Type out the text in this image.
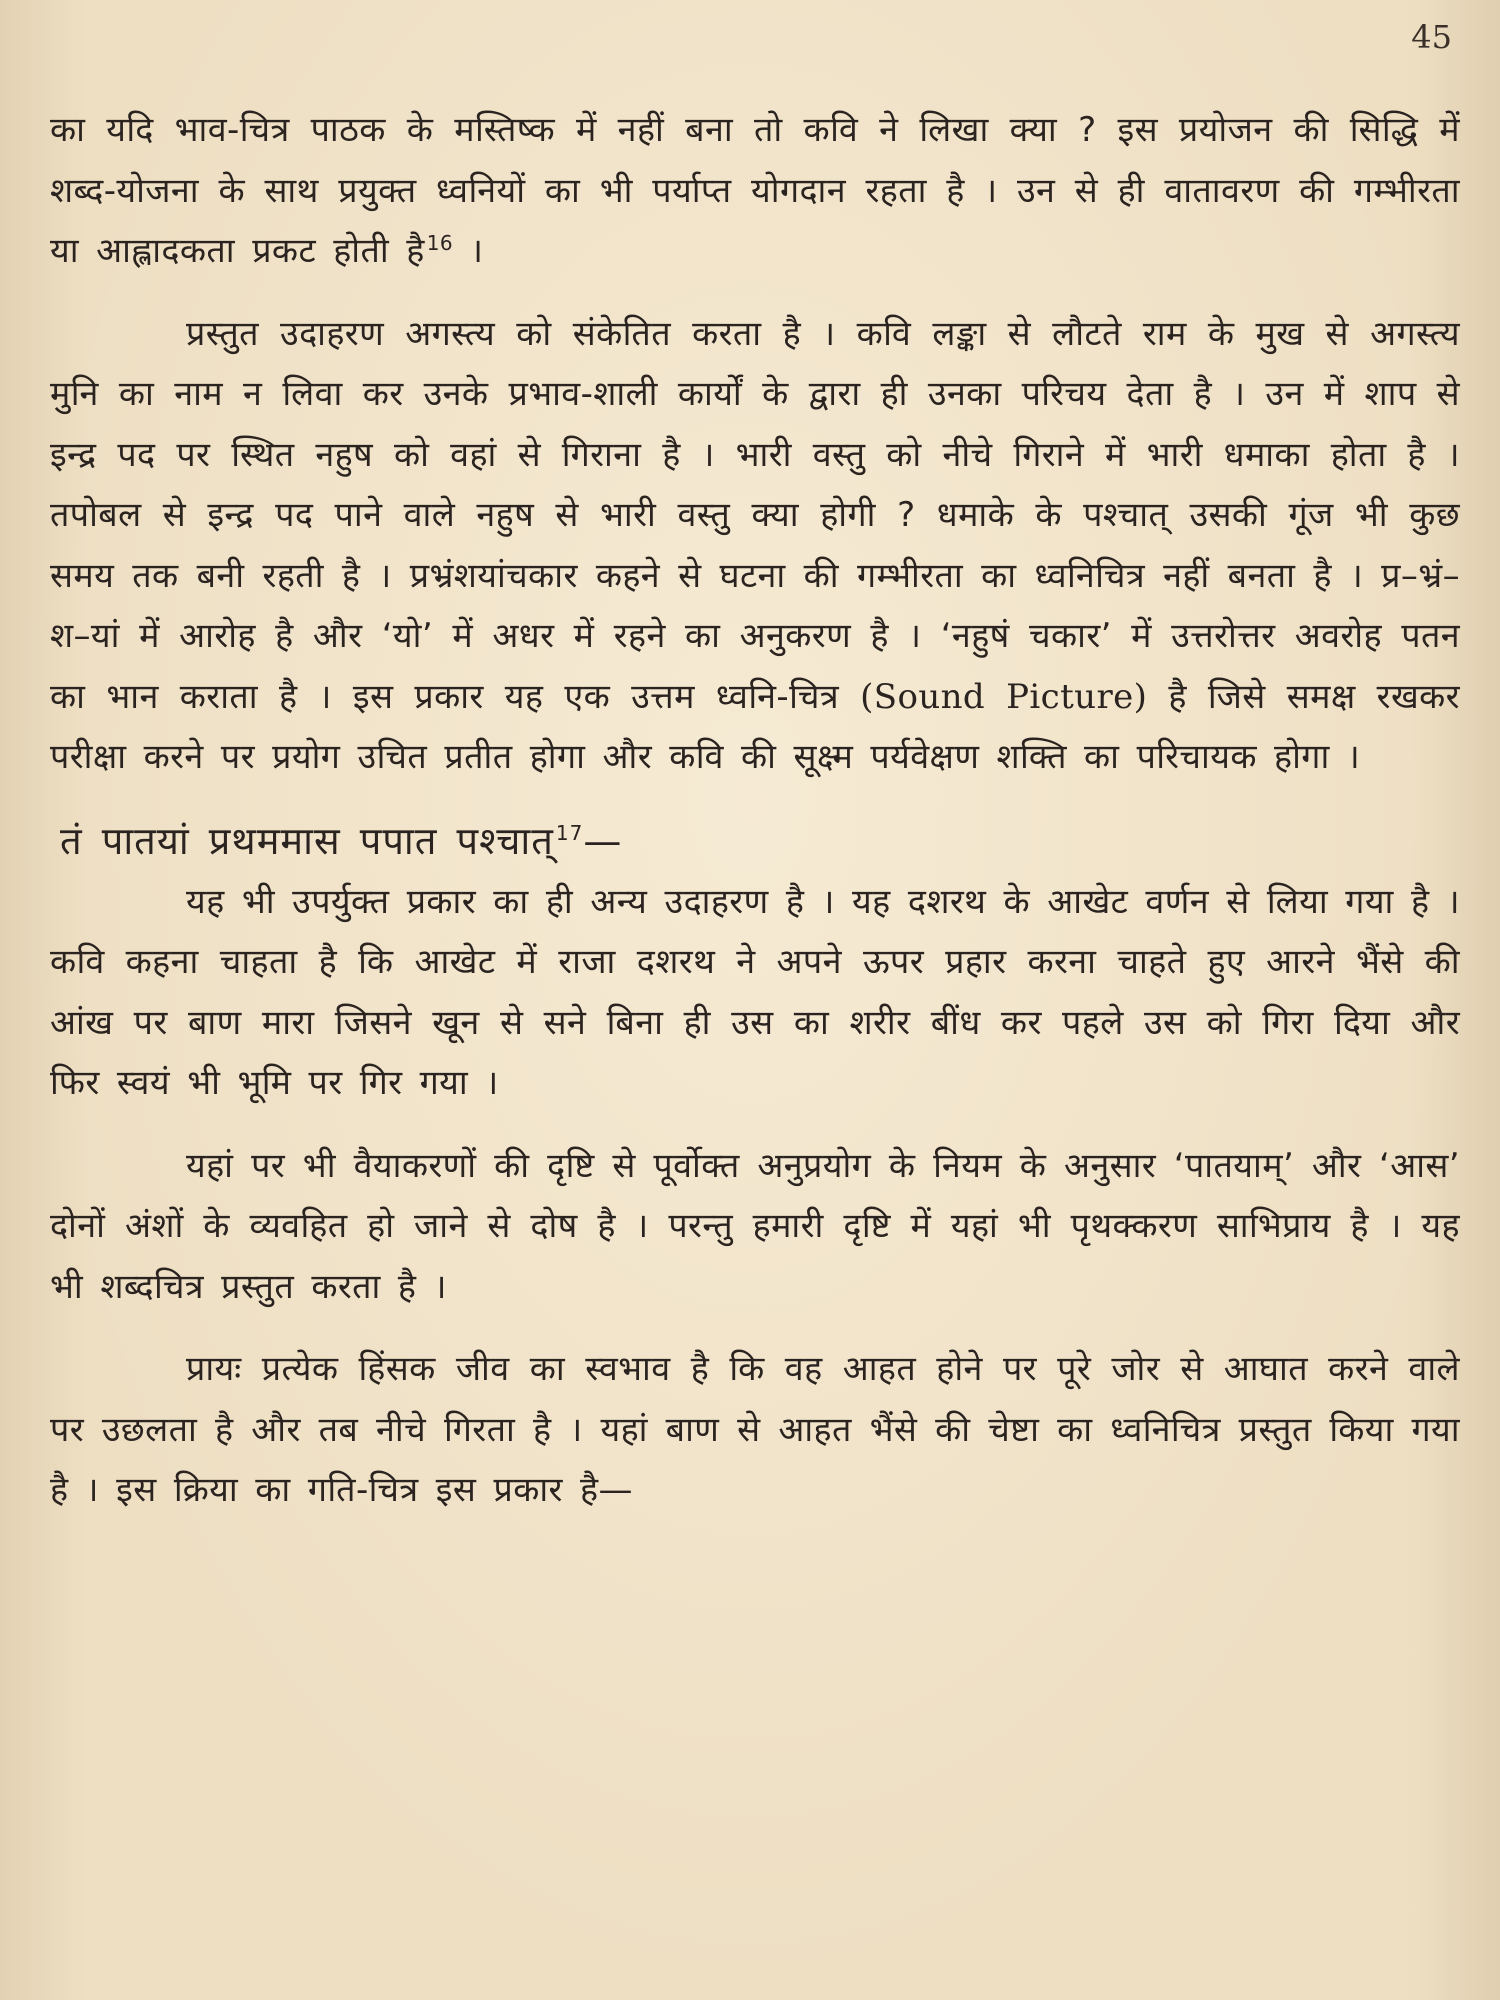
45

का यदि भाव-चित्र पाठक के मस्तिष्क में नहीं बना तो कवि ने लिखा क्या ? इस प्रयोजन की सिद्धि में शब्द-योजना के साथ प्रयुक्त ध्वनियों का भी पर्याप्त योगदान रहता है । उन से ही वातावरण की गम्भीरता या आह्लादकता प्रकट होती है $^{16}$ ।

प्रस्तुत उदाहरण अगस्त्य को संकेतित करता है । कवि लङ्का से लौटते राम के मुख से अगस्त्य मुनि का नाम न लिवा कर उनके प्रभाव-शाली कार्यों के द्वारा ही उनका परिचय देता है । उन में शाप से इन्द्र पद पर स्थित नहुष को वहां से गिराना है । भारी वस्तु को नीचे गिराने में भारी धमाका होता है । तपोबल से इन्द्र पद पाने वाले नहुष से भारी वस्तु क्या होगी ? धमाके के पश्चात् उसकी गूंज भी कुछ समय तक बनी रहती है । प्रभ्रंशयांचकार कहने से घटना की गम्भीरता का ध्वनिचित्र नहीं बनता है । प्र–भ्रं–श–यां में आरोह है और ‘यो’ में अधर में रहने का अनुकरण है । ‘नहुषं चकार’ में उत्तरोत्तर अवरोह पतन का भान कराता है । इस प्रकार यह एक उत्तम ध्वनि-चित्र (Sound Picture) है जिसे समक्ष रखकर परीक्षा करने पर प्रयोग उचित प्रतीत होगा और कवि की सूक्ष्म पर्यवेक्षण शक्ति का परिचायक होगा ।

तं पातयां प्रथममास पपात पश्चात् $^{17}$—

यह भी उपर्युक्त प्रकार का ही अन्य उदाहरण है । यह दशरथ के आखेट वर्णन से लिया गया है । कवि कहना चाहता है कि आखेट में राजा दशरथ ने अपने ऊपर प्रहार करना चाहते हुए आरने भैंसे की आंख पर बाण मारा जिसने खून से सने बिना ही उस का शरीर बींध कर पहले उस को गिरा दिया और फिर स्वयं भी भूमि पर गिर गया ।

यहां पर भी वैयाकरणों की दृष्टि से पूर्वोक्त अनुप्रयोग के नियम के अनुसार ‘पातयाम्’ और ‘आस’ दोनों अंशों के व्यवहित हो जाने से दोष है । परन्तु हमारी दृष्टि में यहां भी पृथक्करण साभिप्राय है । यह भी शब्दचित्र प्रस्तुत करता है ।

प्रायः प्रत्येक हिंसक जीव का स्वभाव है कि वह आहत होने पर पूरे जोर से आघात करने वाले पर उछलता है और तब नीचे गिरता है । यहां बाण से आहत भैंसे की चेष्टा का ध्वनिचित्र प्रस्तुत किया गया है । इस क्रिया का गति-चित्र इस प्रकार है—
